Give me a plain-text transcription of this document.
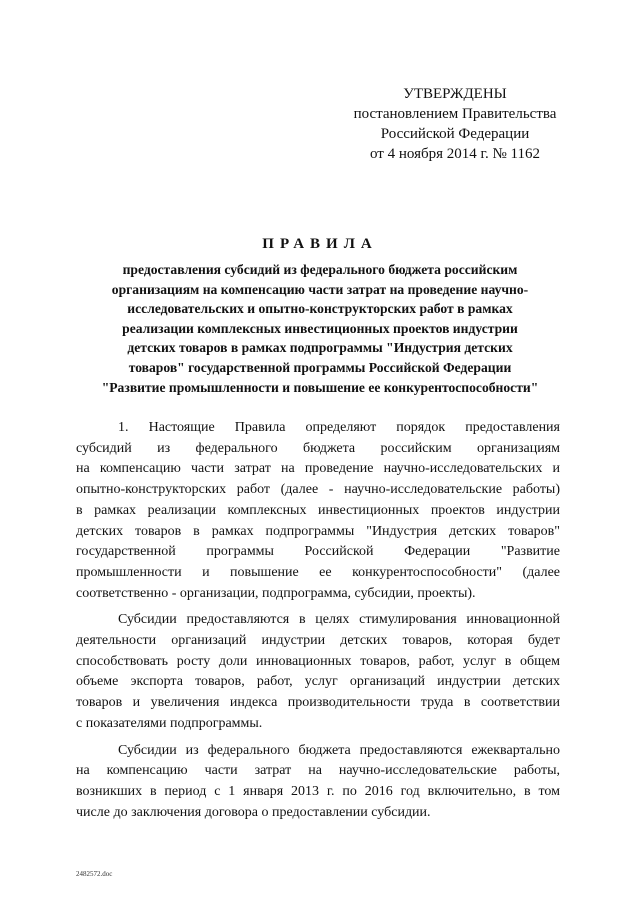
УТВЕРЖДЕНЫ
постановлением Правительства
Российской Федерации
от 4 ноября 2014 г. № 1162
ПРАВИЛА
предоставления субсидий из федерального бюджета российским
организациям на компенсацию части затрат на проведение научно-
исследовательских и опытно-конструкторских работ в рамках
реализации комплексных инвестиционных проектов индустрии
детских товаров в рамках подпрограммы "Индустрия детских
товаров" государственной программы Российской Федерации
"Развитие промышленности и повышение ее конкурентоспособности"
1. Настоящие Правила определяют порядок предоставления
субсидий из федерального бюджета российским организациям
на компенсацию части затрат на проведение научно-исследовательских и
опытно-конструкторских работ (далее - научно-исследовательские работы)
в рамках реализации комплексных инвестиционных проектов индустрии
детских товаров в рамках подпрограммы "Индустрия детских товаров"
государственной программы Российской Федерации "Развитие
промышленности и повышение ее конкурентоспособности" (далее
соответственно - организации, подпрограмма, субсидии, проекты).
Субсидии предоставляются в целях стимулирования инновационной
деятельности организаций индустрии детских товаров, которая будет
способствовать росту доли инновационных товаров, работ, услуг в общем
объеме экспорта товаров, работ, услуг организаций индустрии детских
товаров и увеличения индекса производительности труда в соответствии
с показателями подпрограммы.
Субсидии из федерального бюджета предоставляются ежеквартально
на компенсацию части затрат на научно-исследовательские работы,
возникших в период с 1 января 2013 г. по 2016 год включительно, в том
числе до заключения договора о предоставлении субсидии.
2482572.doc
